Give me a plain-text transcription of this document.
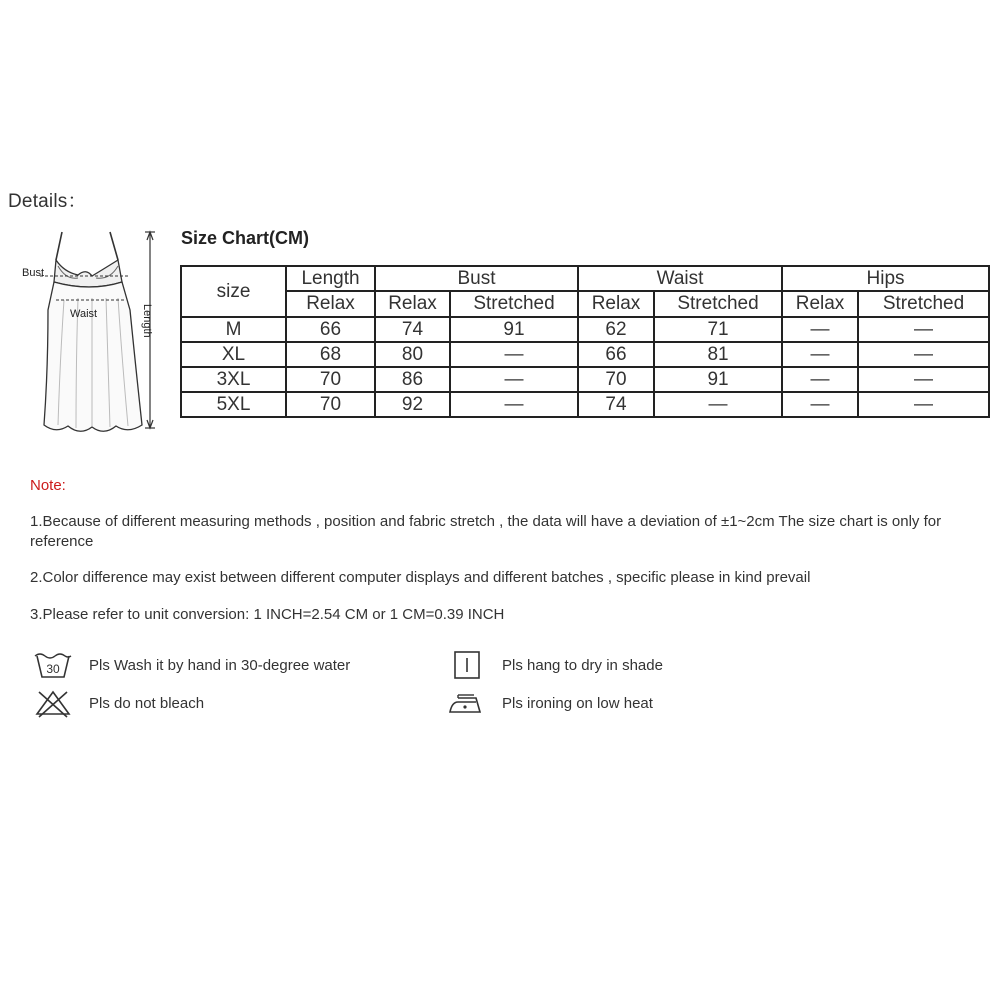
Details：
Bust
Waist	Length
Size Chart(CM)
size	Length	Bust		Waist		Hips	
	Relax	Relax	Stretched	Relax	Stretched	Relax	Stretched
M	66	74	91	62	71	—	—
XL	68	80	—	66	81	—	—
3XL	70	86	—	70	91	—	—
5XL	70	92	—	74	—	—	—
Note:
1.Because of different measuring methods , position and fabric stretch , the data will have a deviation of ±1~2cm The size chart is only for reference
2.Color difference may exist between different computer displays and different batches , specific please in kind prevail
3.Please refer to unit conversion: 1 INCH=2.54 CM or 1 CM=0.39 INCH
30 Pls Wash it by hand in 30-degree water
Pls do not bleach
Pls hang to dry in shade
Pls ironing on low heat
